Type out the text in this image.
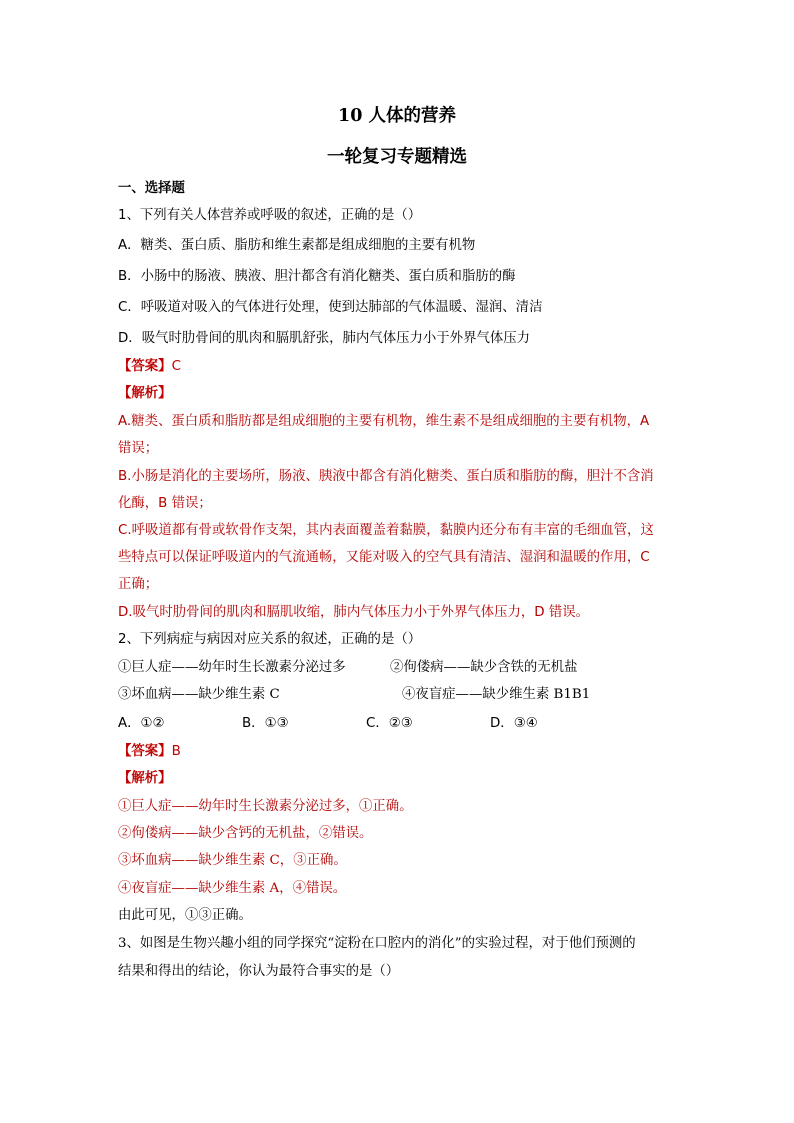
10 人体的营养
一轮复习专题精选
一、选择题
1、下列有关人体营养或呼吸的叙述，正确的是（）
A．糖类、蛋白质、脂肪和维生素都是组成细胞的主要有机物
B．小肠中的肠液、胰液、胆汁都含有消化糖类、蛋白质和脂肪的酶
C．呼吸道对吸入的气体进行处理，使到达肺部的气体温暖、湿润、清洁
D．吸气时肋骨间的肌肉和膈肌舒张，肺内气体压力小于外界气体压力
【答案】C
【解析】
A.糖类、蛋白质和脂肪都是组成细胞的主要有机物，维生素不是组成细胞的主要有机物，A
错误；
B.小肠是消化的主要场所，肠液、胰液中都含有消化糖类、蛋白质和脂肪的酶，胆汁不含消
化酶，B 错误；
C.呼吸道都有骨或软骨作支架，其内表面覆盖着黏膜，黏膜内还分布有丰富的毛细血管，这
些特点可以保证呼吸道内的气流通畅，又能对吸入的空气具有清洁、湿润和温暖的作用，C
正确；
D.吸气时肋骨间的肌肉和膈肌收缩，肺内气体压力小于外界气体压力，D 错误。
2、下列病症与病因对应关系的叙述，正确的是（）
①巨人症——幼年时生长激素分泌过多	②佝偻病——缺少含铁的无机盐
③坏血病——缺少维生素 C	④夜盲症——缺少维生素 B1B1
A．①②	B．①③	C．②③	D．③④
【答案】B
【解析】
①巨人症——幼年时生长激素分泌过多，①正确。
②佝偻病——缺少含钙的无机盐，②错误。
③坏血病——缺少维生素 C，③正确。
④夜盲症——缺少维生素 A，④错误。
由此可见，①③正确。
3、如图是生物兴趣小组的同学探究“淀粉在口腔内的消化”的实验过程，对于他们预测的
结果和得出的结论，你认为最符合事实的是（）
